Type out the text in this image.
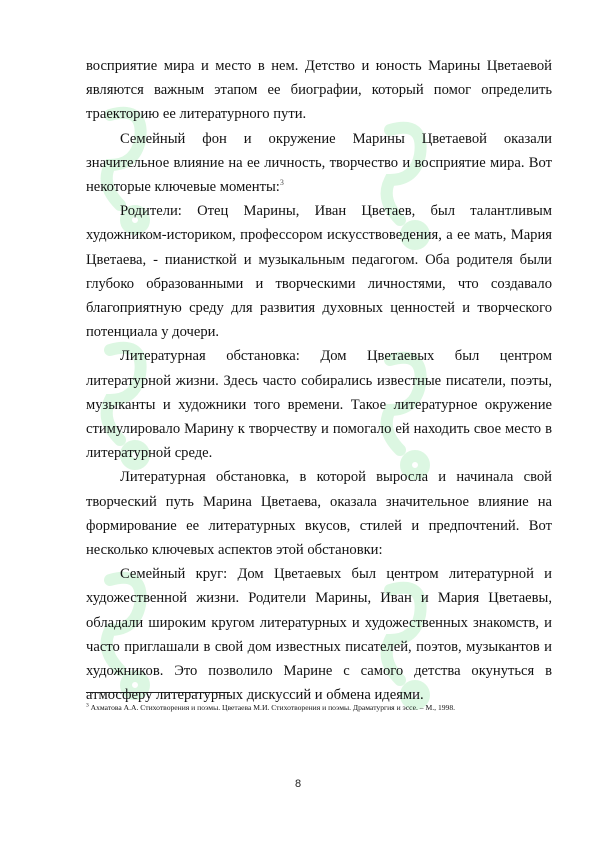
восприятие мира и место в нем. Детство и юность Марины Цветаевой являются важным этапом ее биографии, который помог определить траекторию ее литературного пути.

Семейный фон и окружение Марины Цветаевой оказали значительное влияние на ее личность, творчество и восприятие мира. Вот некоторые ключевые моменты:$^3$

Родители: Отец Марины, Иван Цветаев, был талантливым художником-историком, профессором искусствоведения, а ее мать, Мария Цветаева, - пианисткой и музыкальным педагогом. Оба родителя были глубоко образованными и творческими личностями, что создавало благоприятную среду для развития духовных ценностей и творческого потенциала у дочери.

Литературная обстановка: Дом Цветаевых был центром литературной жизни. Здесь часто собирались известные писатели, поэты, музыканты и художники того времени. Такое литературное окружение стимулировало Марину к творчеству и помогало ей находить свое место в литературной среде.

Литературная обстановка, в которой выросла и начинала свой творческий путь Марина Цветаева, оказала значительное влияние на формирование ее литературных вкусов, стилей и предпочтений. Вот несколько ключевых аспектов этой обстановки:

Семейный круг: Дом Цветаевых был центром литературной и художественной жизни. Родители Марины, Иван и Мария Цветаевы, обладали широким кругом литературных и художественных знакомств, и часто приглашали в свой дом известных писателей, поэтов, музыкантов и художников. Это позволило Марине с самого детства окунуться в атмосферу литературных дискуссий и обмена идеями.

$^3$ Ахматова А.А. Стихотворения и поэмы. Цветаева М.И. Стихотворения и поэмы. Драматургия и эссе. – М., 1998.
8
